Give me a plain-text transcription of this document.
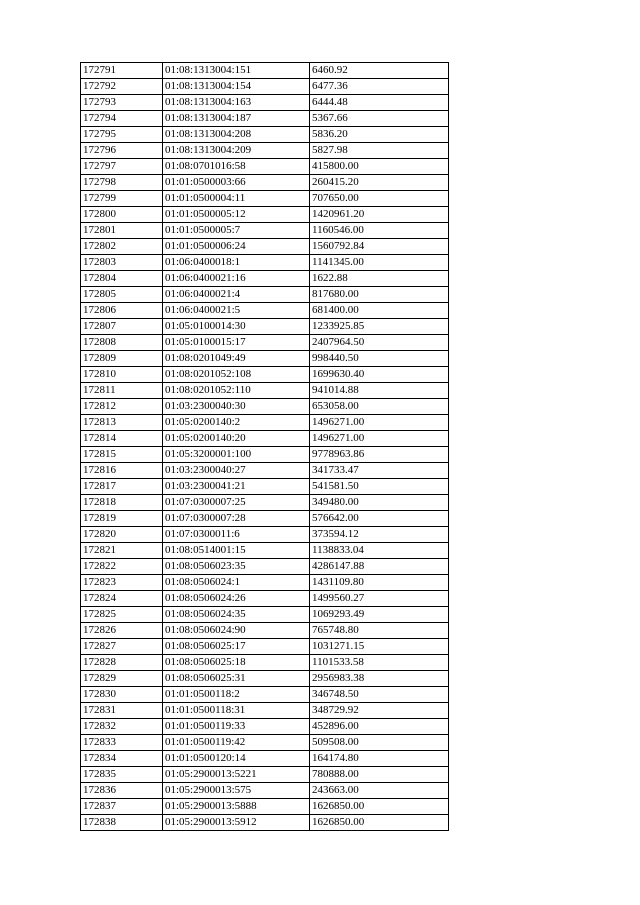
172791	01:08:1313004:151	6460.92
172792	01:08:1313004:154	6477.36
172793	01:08:1313004:163	6444.48
172794	01:08:1313004:187	5367.66
172795	01:08:1313004:208	5836.20
172796	01:08:1313004:209	5827.98
172797	01:08:0701016:58	415800.00
172798	01:01:0500003:66	260415.20
172799	01:01:0500004:11	707650.00
172800	01:01:0500005:12	1420961.20
172801	01:01:0500005:7	1160546.00
172802	01:01:0500006:24	1560792.84
172803	01:06:0400018:1	1141345.00
172804	01:06:0400021:16	1622.88
172805	01:06:0400021:4	817680.00
172806	01:06:0400021:5	681400.00
172807	01:05:0100014:30	1233925.85
172808	01:05:0100015:17	2407964.50
172809	01:08:0201049:49	998440.50
172810	01:08:0201052:108	1699630.40
172811	01:08:0201052:110	941014.88
172812	01:03:2300040:30	653058.00
172813	01:05:0200140:2	1496271.00
172814	01:05:0200140:20	1496271.00
172815	01:05:3200001:100	9778963.86
172816	01:03:2300040:27	341733.47
172817	01:03:2300041:21	541581.50
172818	01:07:0300007:25	349480.00
172819	01:07:0300007:28	576642.00
172820	01:07:0300011:6	373594.12
172821	01:08:0514001:15	1138833.04
172822	01:08:0506023:35	4286147.88
172823	01:08:0506024:1	1431109.80
172824	01:08:0506024:26	1499560.27
172825	01:08:0506024:35	1069293.49
172826	01:08:0506024:90	765748.80
172827	01:08:0506025:17	1031271.15
172828	01:08:0506025:18	1101533.58
172829	01:08:0506025:31	2956983.38
172830	01:01:0500118:2	346748.50
172831	01:01:0500118:31	348729.92
172832	01:01:0500119:33	452896.00
172833	01:01:0500119:42	509508.00
172834	01:01:0500120:14	164174.80
172835	01:05:2900013:5221	780888.00
172836	01:05:2900013:575	243663.00
172837	01:05:2900013:5888	1626850.00
172838	01:05:2900013:5912	1626850.00
